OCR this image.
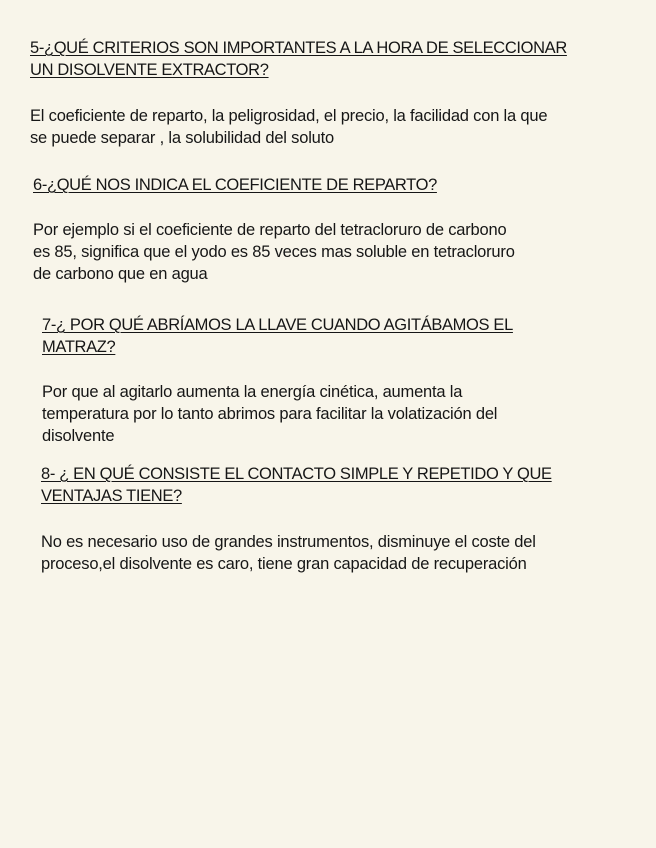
5-¿QUÉ CRITERIOS SON IMPORTANTES A LA HORA DE SELECCIONAR
UN DISOLVENTE EXTRACTOR?

El coeficiente de reparto, la peligrosidad, el precio, la facilidad con la que
se puede separar , la solubilidad del soluto

6-¿QUÉ NOS INDICA EL COEFICIENTE DE REPARTO?

Por ejemplo si el coeficiente de reparto del tetracloruro de carbono
es 85, significa que el yodo es 85 veces mas soluble en tetracloruro
de carbono que en agua

7-¿ POR QUÉ ABRÍAMOS LA LLAVE CUANDO AGITÁBAMOS EL
MATRAZ?

Por que al agitarlo aumenta la energía cinética, aumenta la
temperatura por lo tanto abrimos para facilitar la volatización del
disolvente

8- ¿ EN QUÉ CONSISTE EL CONTACTO SIMPLE Y REPETIDO Y QUE
VENTAJAS TIENE?

No es necesario uso de grandes instrumentos, disminuye el coste del
proceso,el disolvente es caro, tiene gran capacidad de recuperación
